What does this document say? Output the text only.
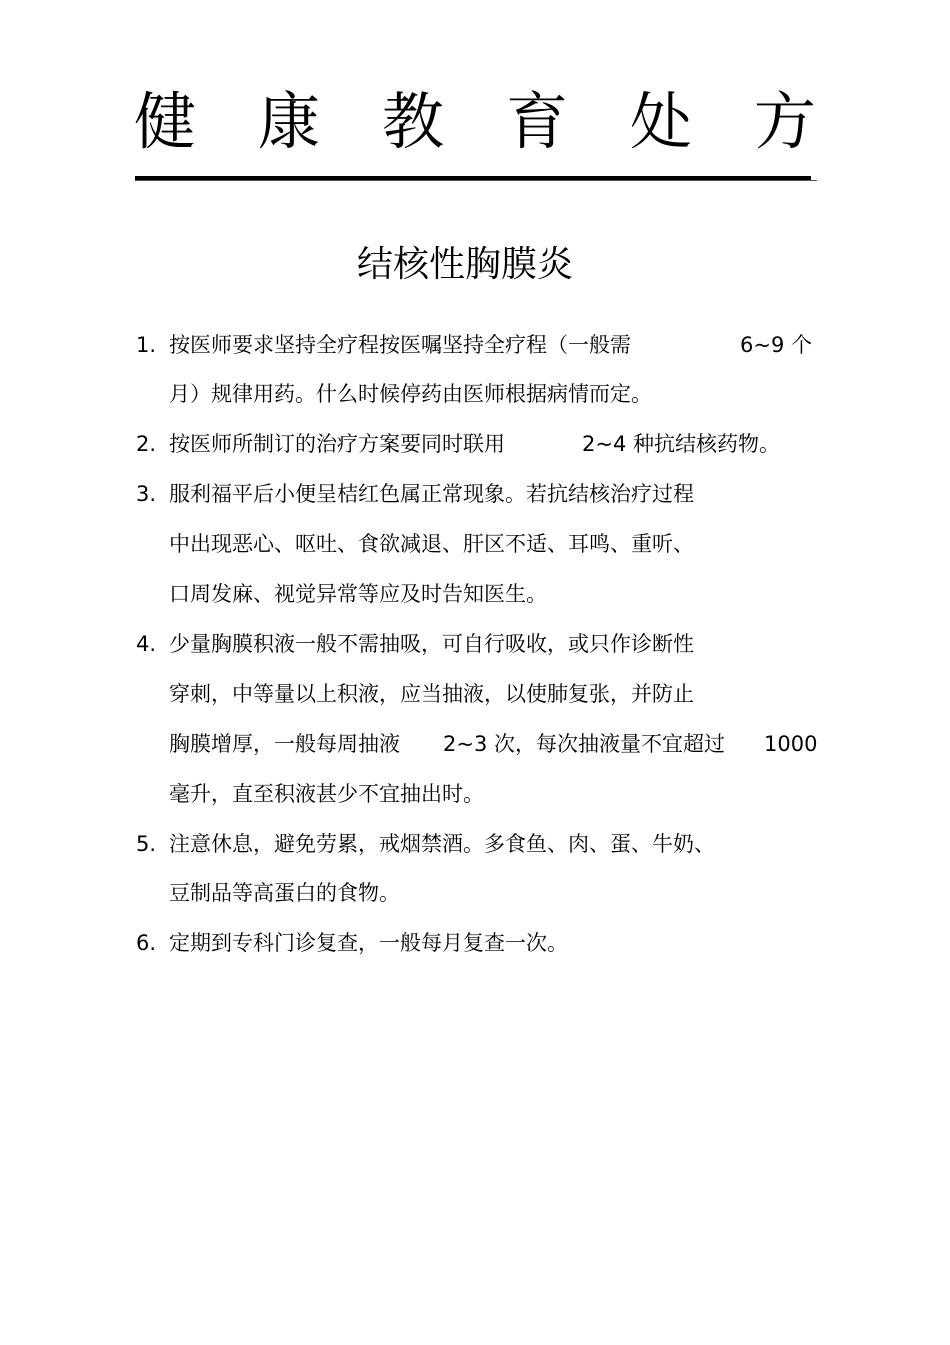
健 康 教 育 处 方
结核性胸膜炎
1. 按医师要求坚持全疗程按医嘱坚持全疗程（一般需	6~9 个
月）规律用药。什么时候停药由医师根据病情而定。
2. 按医师所制订的治疗方案要同时联用	2~4 种抗结核药物。
3. 服利福平后小便呈桔红色属正常现象。若抗结核治疗过程
中出现恶心、呕吐、食欲减退、肝区不适、耳鸣、重听、
口周发麻、视觉异常等应及时告知医生。
4. 少量胸膜积液一般不需抽吸，可自行吸收，或只作诊断性
穿刺，中等量以上积液，应当抽液，以使肺复张，并防止
胸膜增厚，一般每周抽液 2~3 次，每次抽液量不宜超过 1000
毫升，直至积液甚少不宜抽出时。
5. 注意休息，避免劳累，戒烟禁酒。多食鱼、肉、蛋、牛奶、
豆制品等高蛋白的食物。
6. 定期到专科门诊复查，一般每月复查一次。
